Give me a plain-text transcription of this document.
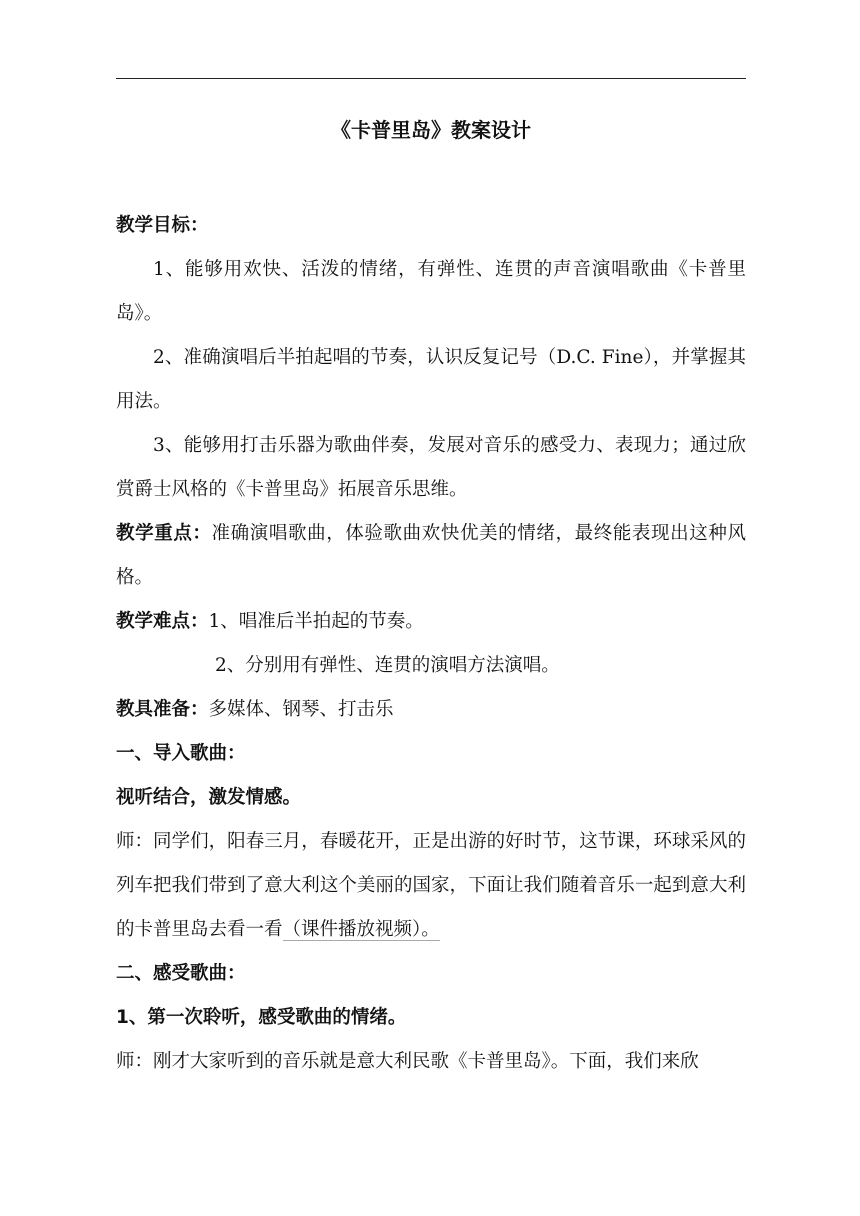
《卡普里岛》教案设计

教学目标：

1、能够用欢快、活泼的情绪，有弹性、连贯的声音演唱歌曲《卡普里岛》。

2、准确演唱后半拍起唱的节奏，认识反复记号（D.C. Fine），并掌握其用法。

3、能够用打击乐器为歌曲伴奏，发展对音乐的感受力、表现力；通过欣赏爵士风格的《卡普里岛》拓展音乐思维。

教学重点：准确演唱歌曲，体验歌曲欢快优美的情绪，最终能表现出这种风格。

教学难点：1、唱准后半拍起的节奏。

2、分别用有弹性、连贯的演唱方法演唱。

教具准备：多媒体、钢琴、打击乐

一、导入歌曲：

视听结合，激发情感。

师：同学们，阳春三月，春暖花开，正是出游的好时节，这节课，环球采风的列车把我们带到了意大利这个美丽的国家，下面让我们随着音乐一起到意大利的卡普里岛去看一看（课件播放视频）。

二、感受歌曲：

1、第一次聆听，感受歌曲的情绪。

师：刚才大家听到的音乐就是意大利民歌《卡普里岛》。下面，我们来欣
